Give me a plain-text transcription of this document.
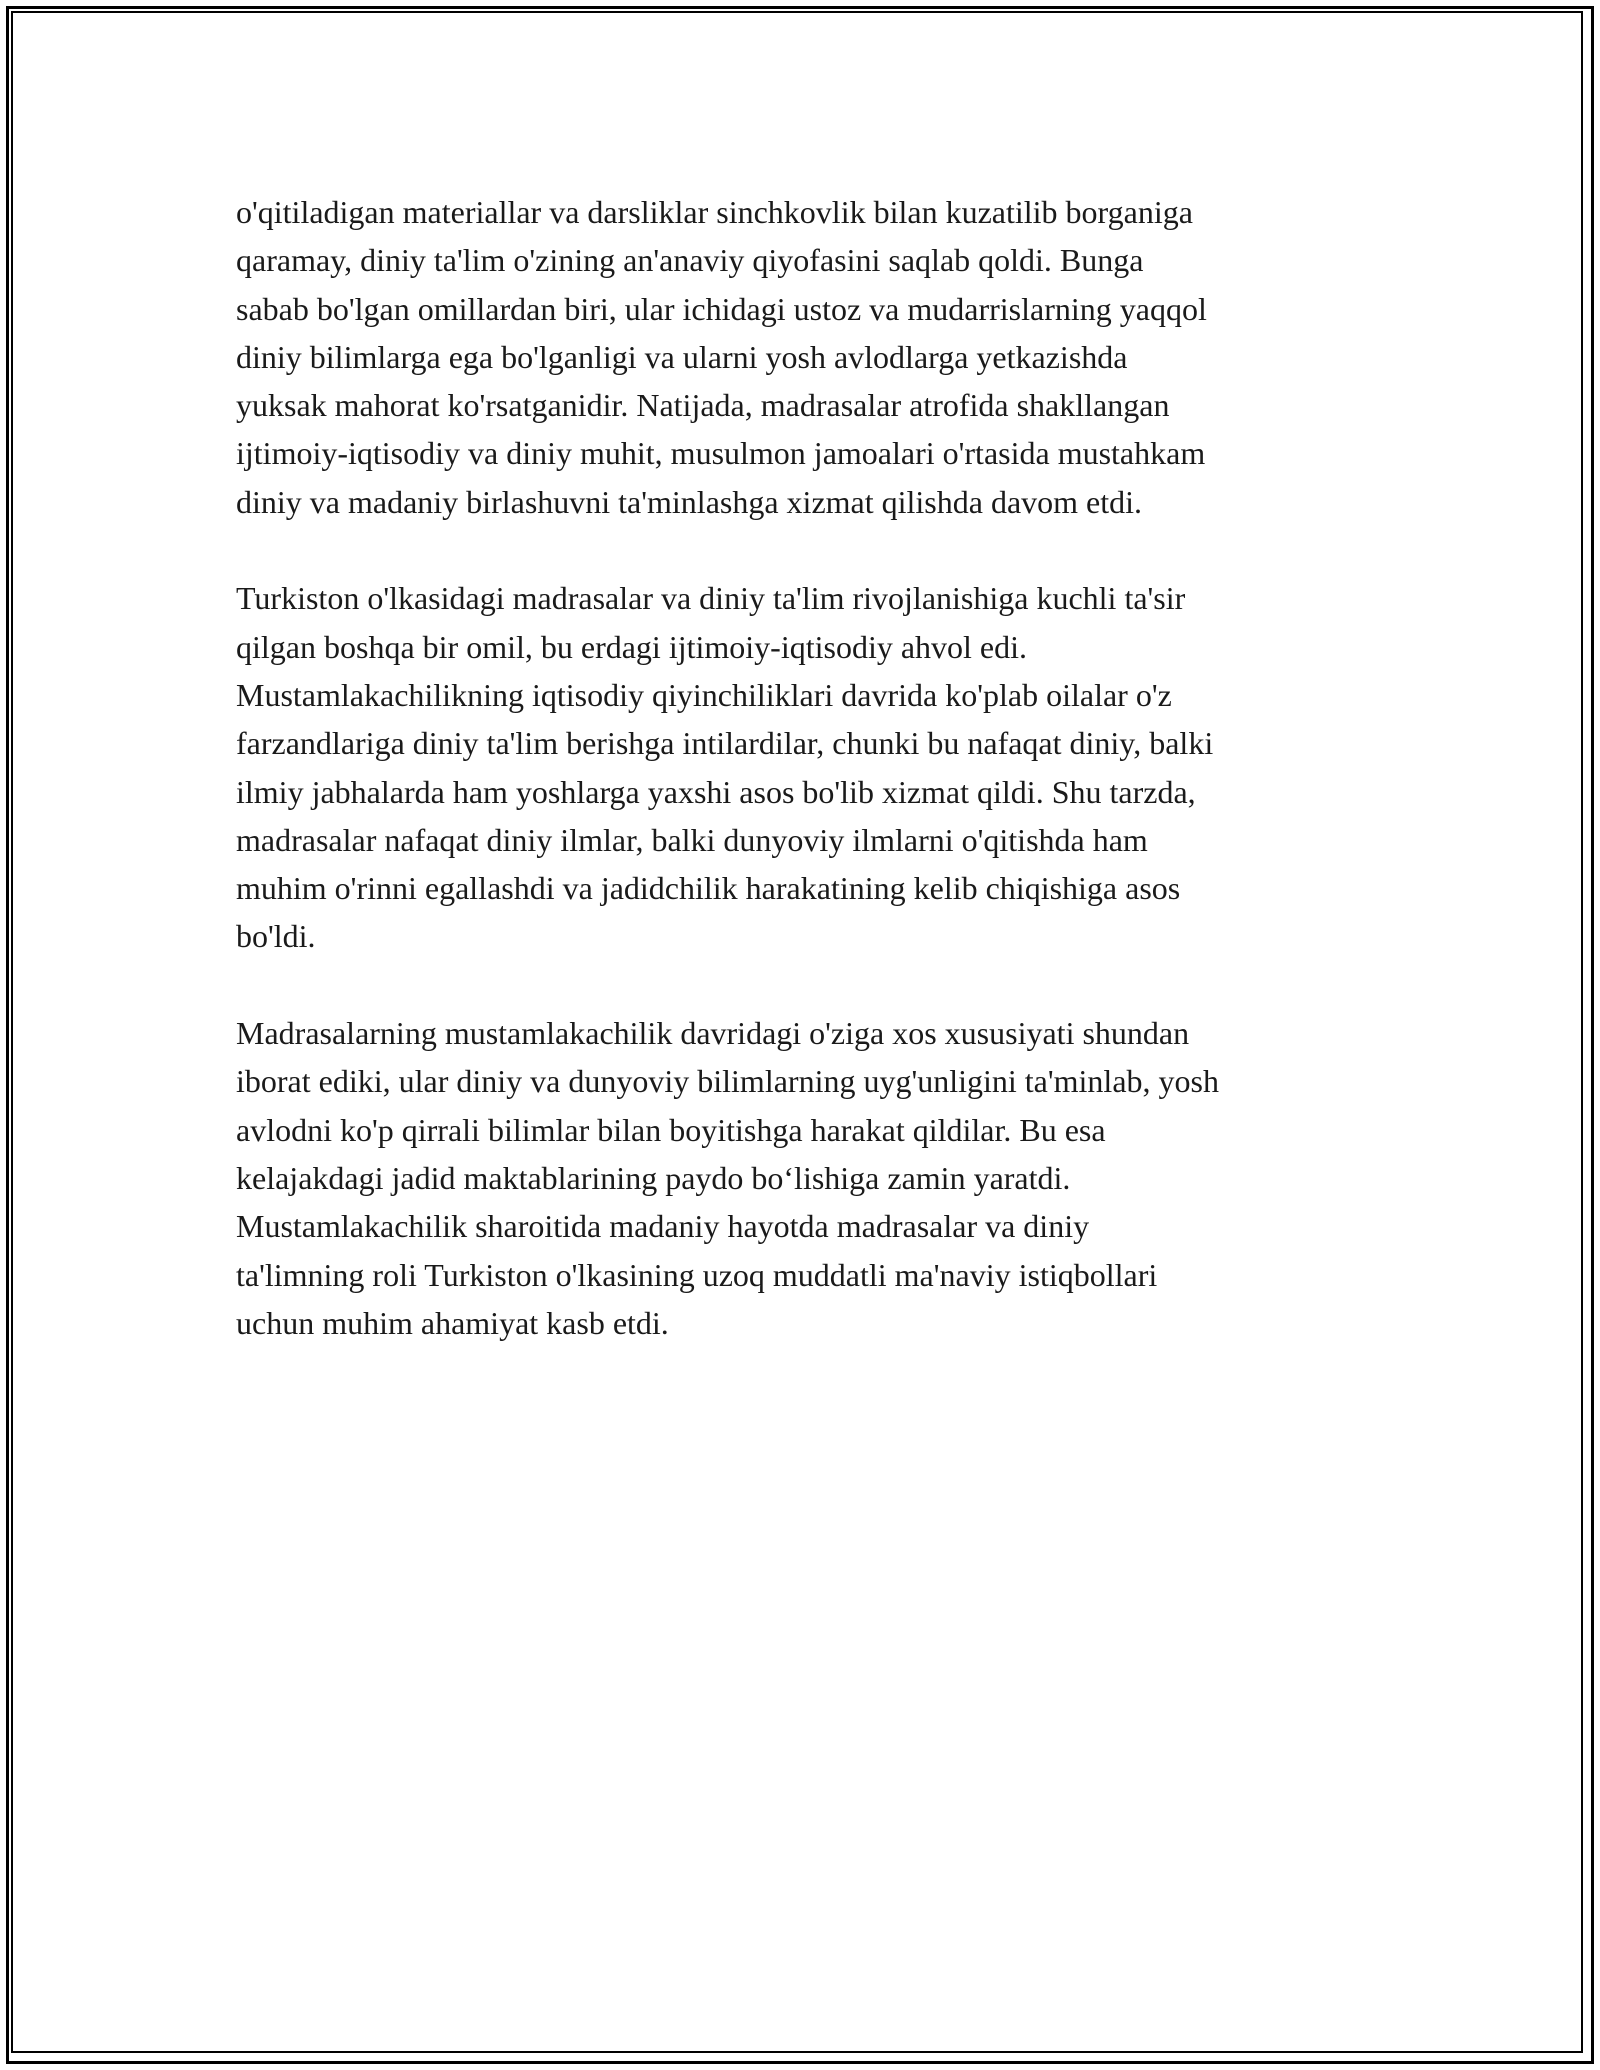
o'qitiladigan materiallar va darsliklar sinchkovlik bilan kuzatilib borganiga
qaramay, diniy ta'lim o'zining an'anaviy qiyofasini saqlab qoldi. Bunga
sabab bo'lgan omillardan biri, ular ichidagi ustoz va mudarrislarning yaqqol
diniy bilimlarga ega bo'lganligi va ularni yosh avlodlarga yetkazishda
yuksak mahorat ko'rsatganidir. Natijada, madrasalar atrofida shakllangan
ijtimoiy-iqtisodiy va diniy muhit, musulmon jamoalari o'rtasida mustahkam
diniy va madaniy birlashuvni ta'minlashga xizmat qilishda davom etdi.

Turkiston o'lkasidagi madrasalar va diniy ta'lim rivojlanishiga kuchli ta'sir
qilgan boshqa bir omil, bu erdagi ijtimoiy-iqtisodiy ahvol edi.
Mustamlakachilikning iqtisodiy qiyinchiliklari davrida ko'plab oilalar o'z
farzandlariga diniy ta'lim berishga intilardilar, chunki bu nafaqat diniy, balki
ilmiy jabhalarda ham yoshlarga yaxshi asos bo'lib xizmat qildi. Shu tarzda,
madrasalar nafaqat diniy ilmlar, balki dunyoviy ilmlarni o'qitishda ham
muhim o'rinni egallashdi va jadidchilik harakatining kelib chiqishiga asos
bo'ldi.

Madrasalarning mustamlakachilik davridagi o'ziga xos xususiyati shundan
iborat ediki, ular diniy va dunyoviy bilimlarning uyg'unligini ta'minlab, yosh
avlodni ko'p qirrali bilimlar bilan boyitishga harakat qildilar. Bu esa
kelajakdagi jadid maktablarining paydo bo‘lishiga zamin yaratdi.
Mustamlakachilik sharoitida madaniy hayotda madrasalar va diniy
ta'limning roli Turkiston o'lkasining uzoq muddatli ma'naviy istiqbollari
uchun muhim ahamiyat kasb etdi.
